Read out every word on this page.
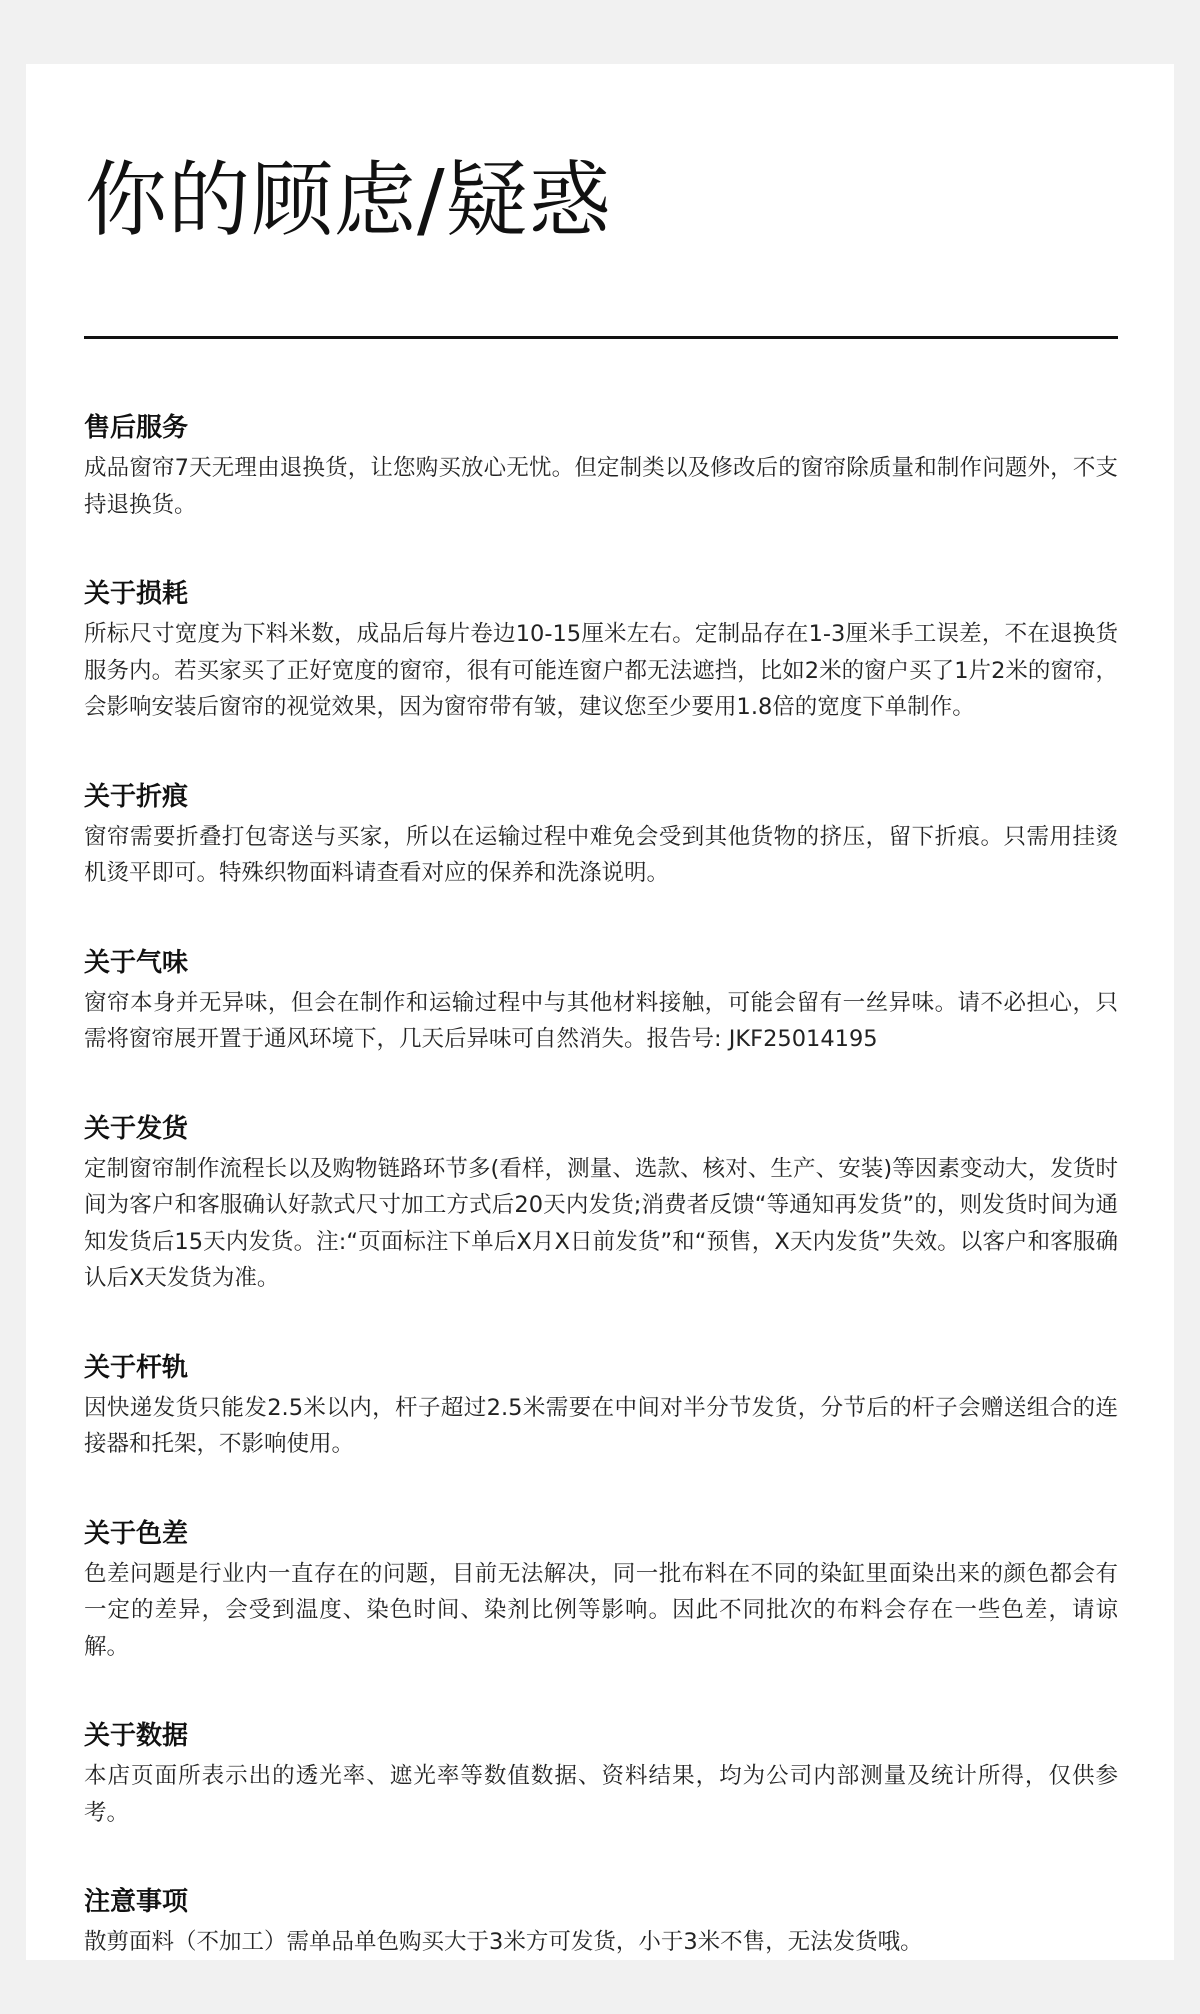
你的顾虑/疑惑
售后服务

成品窗帘7天无理由退换货，让您购买放心无忧。但定制类以及修改后的窗帘除质量和制作问题外，不支持退换货。

关于损耗

所标尺寸宽度为下料米数，成品后每片卷边10-15厘米左右。定制品存在1-3厘米手工误差，不在退换货服务内。若买家买了正好宽度的窗帘，很有可能连窗户都无法遮挡，比如2米的窗户买了1片2米的窗帘，会影响安装后窗帘的视觉效果，因为窗帘带有皱，建议您至少要用1.8倍的宽度下单制作。

关于折痕

窗帘需要折叠打包寄送与买家，所以在运输过程中难免会受到其他货物的挤压，留下折痕。只需用挂烫机烫平即可。特殊织物面料请查看对应的保养和洗涤说明。

关于气味

窗帘本身并无异味，但会在制作和运输过程中与其他材料接触，可能会留有一丝异味。请不必担心，只需将窗帘展开置于通风环境下，几天后异味可自然消失。报告号: JKF25014195

关于发货

定制窗帘制作流程长以及购物链路环节多(看样，测量、选款、核对、生产、安装)等因素变动大，发货时间为客户和客服确认好款式尺寸加工方式后20天内发货;消费者反馈“等通知再发货”的，则发货时间为通知发货后15天内发货。注:“页面标注下单后X月X日前发货”和“预售，X天内发货”失效。以客户和客服确认后X天发货为准。

关于杆轨

因快递发货只能发2.5米以内，杆子超过2.5米需要在中间对半分节发货，分节后的杆子会赠送组合的连接器和托架，不影响使用。

关于色差

色差问题是行业内一直存在的问题，目前无法解决，同一批布料在不同的染缸里面染出来的颜色都会有一定的差异，会受到温度、染色时间、染剂比例等影响。因此不同批次的布料会存在一些色差，请谅解。

关于数据

本店页面所表示出的透光率、遮光率等数值数据、资料结果，均为公司内部测量及统计所得，仅供参考。

注意事项

散剪面料（不加工）需单品单色购买大于3米方可发货，小于3米不售，无法发货哦。
